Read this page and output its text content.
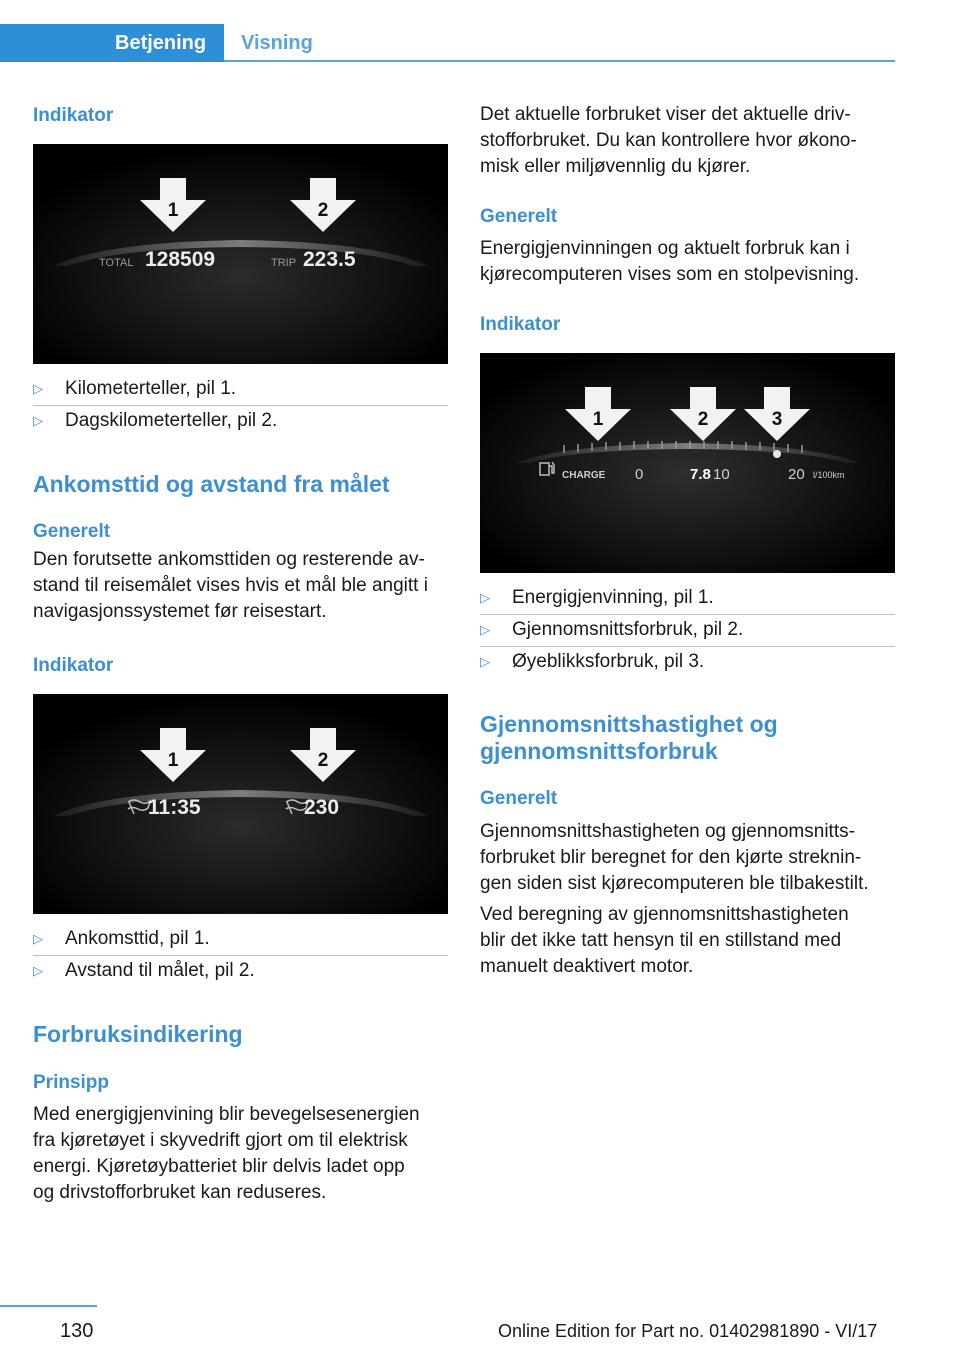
Betjening	Visning
Indikator
1	2
TOTAL 128509	TRIP 223.5
▷ Kilometerteller, pil 1.
▷ Dagskilometerteller, pil 2.
Ankomsttid og avstand fra målet
Generelt
Den forutsette ankomsttiden og resterende av‐
stand til reisemålet vises hvis et mål ble angitt i
navigasjonssystemet før reisestart.
Indikator
1	2
11:35	230
▷ Ankomsttid, pil 1.
▷ Avstand til målet, pil 2.
Forbruksindikering
Prinsipp
Med energigjenvining blir bevegelsesenergien
fra kjøretøyet i skyvedrift gjort om til elektrisk
energi. Kjøretøybatteriet blir delvis ladet opp
og drivstofforbruket kan reduseres.
Det aktuelle forbruket viser det aktuelle driv‐
stofforbruket. Du kan kontrollere hvor økono‐
misk eller miljøvennlig du kjører.
Generelt
Energigjenvinningen og aktuelt forbruk kan i
kjørecomputeren vises som en stolpevisning.
Indikator
1	2	3
CHARGE 0	7.8 10	20 l/100km
▷ Energigjenvinning, pil 1.
▷ Gjennomsnittsforbruk, pil 2.
▷ Øyeblikksforbruk, pil 3.
Gjennomsnittshastighet og
gjennomsnittsforbruk
Generelt
Gjennomsnittshastigheten og gjennomsnitts‐
forbruket blir beregnet for den kjørte streknin‐
gen siden sist kjørecomputeren ble tilbakestilt.
Ved beregning av gjennomsnittshastigheten
blir det ikke tatt hensyn til en stillstand med
manuelt deaktivert motor.
130	Online Edition for Part no. 01402981890 - VI/17
